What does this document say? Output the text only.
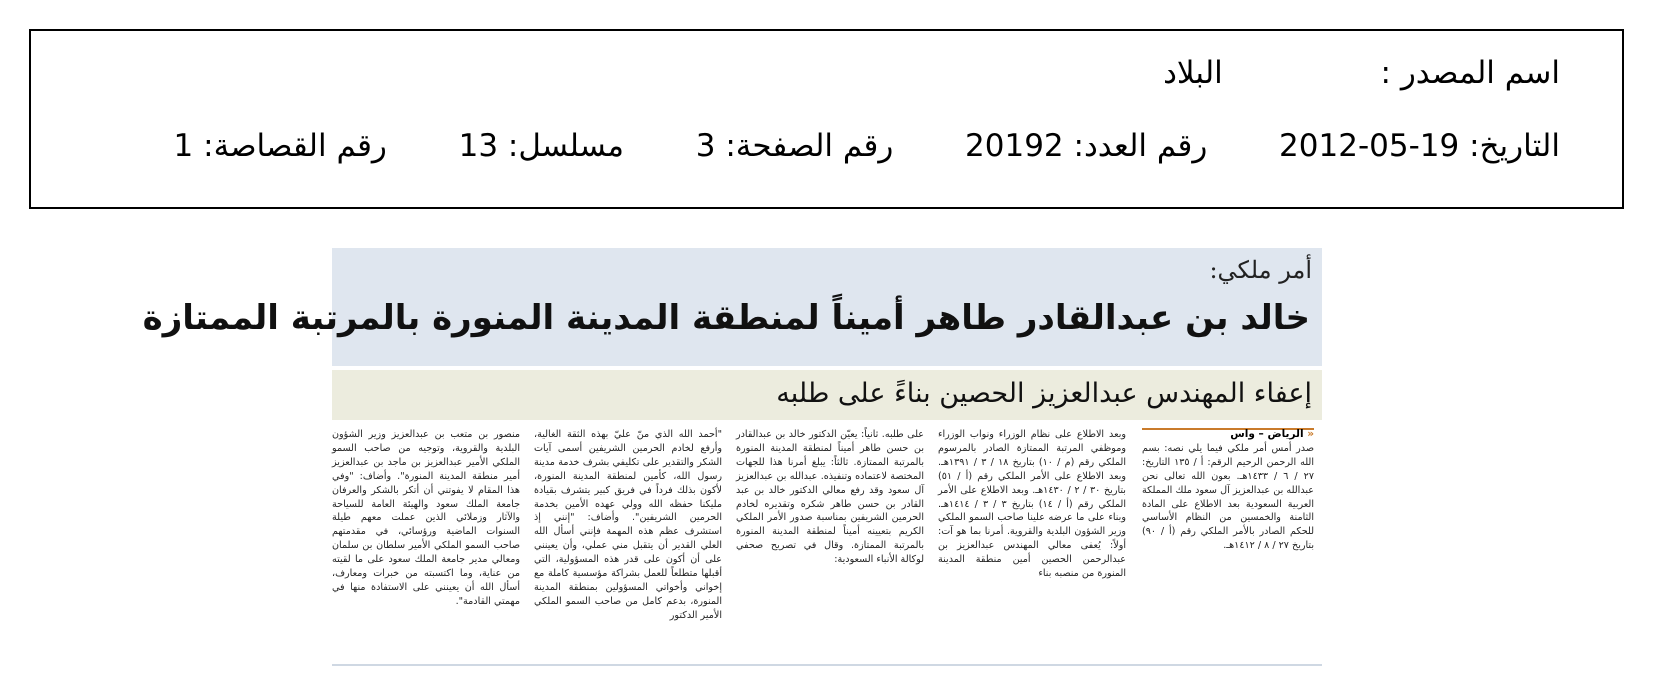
اسم المصدر :  البلاد
التاريخ: 2012-05-19  رقم العدد: 20192  رقم الصفحة: 3  مسلسل: 13  رقم القصاصة: 1
أمر ملكي:
خالد بن عبدالقادر طاهر أميناً لمنطقة المدينة المنورة بالمرتبة الممتازة
إعفاء المهندس عبدالعزيز الحصين بناءً على طلبه

« الرياض – واس

صدر أمس أمر ملكي فيما يلي نصه: بسم الله الرحمن الرحيم الرقم: أ / ١٣٥ التاريخ: ٢٧ / ٦ / ١٤٣٣هـ. بعون الله تعالى نحن عبدالله بن عبدالعزيز آل سعود ملك المملكة العربية السعودية بعد الاطلاع على المادة الثامنة والخمسين من النظام الأساسي للحكم الصادر بالأمر الملكي رقم (أ / ٩٠) بتاريخ ٢٧ / ٨ / ١٤١٢هـ.

وبعد الاطلاع على نظام الوزراء ونواب الوزراء وموظفي المرتبة الممتازة الصادر بالمرسوم الملكي رقم (م / ١٠) بتاريخ ١٨ / ٣ / ١٣٩١هـ. وبعد الاطلاع على الأمر الملكي رقم (أ / ٥١) بتاريخ ٣٠ / ٢ / ١٤٣٠هـ. وبعد الاطلاع على الأمر الملكي رقم (أ / ١٤) بتاريخ ٣ / ٣ / ١٤١٤هـ. وبناء على ما عرضه علينا صاحب السمو الملكي وزير الشؤون البلدية والقروية. أمرنا بما هو آت: أولاً: يُعفى معالي المهندس عبدالعزيز بن عبدالرحمن الحصين أمين منطقة المدينة المنورة من منصبه بناء

على طلبه. ثانياً: يعيّن الدكتور خالد بن عبدالقادر بن حسن طاهر أميناً لمنطقة المدينة المنورة بالمرتبة الممتازة. ثالثاً: يبلغ أمرنا هذا للجهات المختصة لاعتماده وتنفيذه. عبدالله بن عبدالعزيز آل سعود وقد رفع معالي الدكتور خالد بن عبد القادر بن حسن طاهر شكره وتقديره لخادم الحرمين الشريفين بمناسبة صدور الأمر الملكي الكريم بتعيينه أميناً لمنطقة المدينة المنورة بالمرتبة الممتازة. وقال في تصريح صحفي لوكالة الأنباء السعودية:

"أحمد الله الذي منّ عليّ بهذه الثقة الغالية، وأرفع لخادم الحرمين الشريفين أسمى آيات الشكر والتقدير على تكليفي بشرف خدمة مدينة رسول الله، كأمين لمنطقة المدينة المنورة، لأكون بذلك فرداً في فريق كبير يتشرف بقيادة مليكنا حفظه الله وولي عهده الأمين بخدمة الحرمين الشريفين". وأضاف: "إنني إذ استشرف عظم هذه المهمة فإنني أسأل الله العلي القدير أن يتقبل مني عملي، وأن يعينني على أن أكون على قدر هذه المسؤولية، التي أقبلها متطلعاً للعمل بشراكة مؤسسية كاملة مع إخواني وأخواتي المسؤولين بمنطقة المدينة المنورة، بدعم كامل من صاحب السمو الملكي الأمير الدكتور

منصور بن متعب بن عبدالعزيز وزير الشؤون البلدية والقروية، وتوجيه من صاحب السمو الملكي الأمير عبدالعزيز بن ماجد بن عبدالعزيز أمير منطقة المدينة المنورة". وأضاف: "وفي هذا المقام لا يفوتني أن أتكر بالشكر والعرفان جامعة الملك سعود والهيئة العامة للسياحة والآثار وزملائي الذين عملت معهم طيلة السنوات الماضية ورؤسائي، في مقدمتهم صاحب السمو الملكي الأمير سلطان بن سلمان ومعالي مدير جامعة الملك سعود على ما لقيته من عناية، وما اكتسبته من خبرات ومعارف، أسأل الله أن يعينني على الاستفادة منها في مهمتي القادمة".
